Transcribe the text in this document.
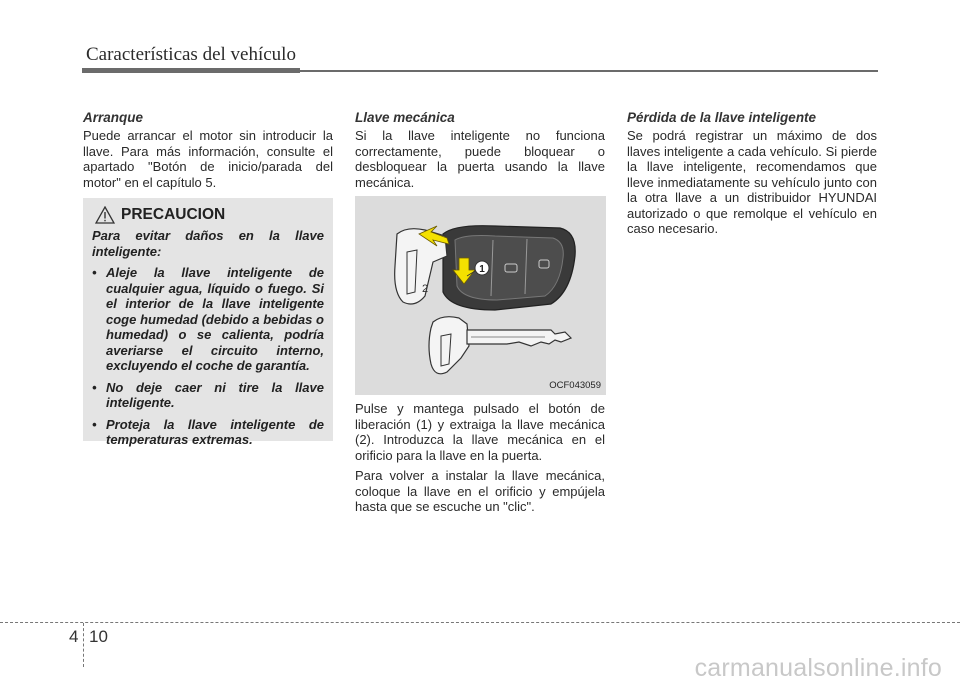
Características del vehículo
Arranque
Puede arrancar el motor sin introducir la llave. Para más información, consulte el apartado "Botón de inicio/parada del motor" en el capítulo 5.
PRECAUCION
Para evitar daños en la llave inteligente:
• Aleje la llave inteligente de cualquier agua, líquido o fuego. Si el interior de la llave inteligente coge humedad (debido a bebidas o humedad) o se calienta, podría averiarse el circuito interno, excluyendo el coche de garantía.
• No deje caer ni tire la llave inteligente.
• Proteja la llave inteligente de temperaturas extremas.
Llave mecánica
Si la llave inteligente no funciona correctamente, puede bloquear o desbloquear la puerta usando la llave mecánica.
1
2
OCF043059
Pulse y mantega pulsado el botón de liberación (1) y extraiga la llave mecánica (2). Introduzca la llave mecánica en el orificio para la llave en la puerta.
Para volver a instalar la llave mecánica, coloque la llave en el orificio y empújela hasta que se escuche un "clic".
Pérdida de la llave inteligente
Se podrá registrar un máximo de dos llaves inteligente a cada vehículo. Si pierde la llave inteligente, recomendamos que lleve inmediatamente su vehículo junto con la otra llave a un distribuidor HYUNDAI autorizado o que remolque el vehículo en caso necesario.
4 10
carmanualsonline.info
